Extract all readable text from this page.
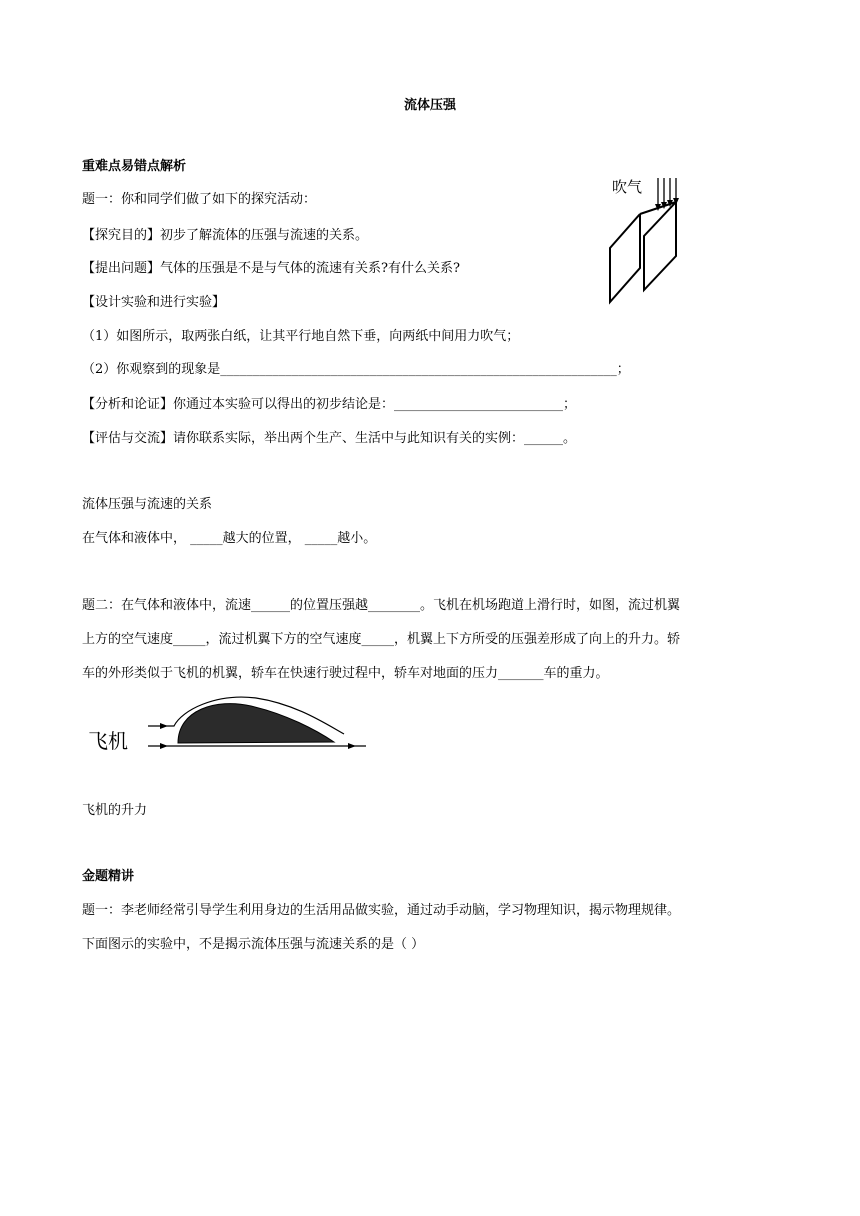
流体压强
重难点易错点解析
题一：你和同学们做了如下的探究活动：
【探究目的】初步了解流体的压强与流速的关系。
【提出问题】气体的压强是不是与气体的流速有关系?有什么关系?
【设计实验和进行实验】
（1）如图所示，取两张白纸，让其平行地自然下垂，向两纸中间用力吹气；
（2）你观察到的现象是_____________________________________________________________；
【分析和论证】你通过本实验可以得出的初步结论是：__________________________；
【评估与交流】请你联系实际，举出两个生产、生活中与此知识有关的实例：______。
流体压强与流速的关系
在气体和液体中， _____越大的位置， _____越小。
题二：在气体和液体中，流速______的位置压强越________。飞机在机场跑道上滑行时，如图，流过机翼
上方的空气速度_____，流过机翼下方的空气速度_____，机翼上下方所受的压强差形成了向上的升力。轿
车的外形类似于飞机的机翼，轿车在快速行驶过程中，轿车对地面的压力_______车的重力。
飞机的升力
金题精讲
题一：李老师经常引导学生利用身边的生活用品做实验，通过动手动脑，学习物理知识，揭示物理规律。
下面图示的实验中，不是揭示流体压强与流速关系的是（ ）
吹气
飞机
